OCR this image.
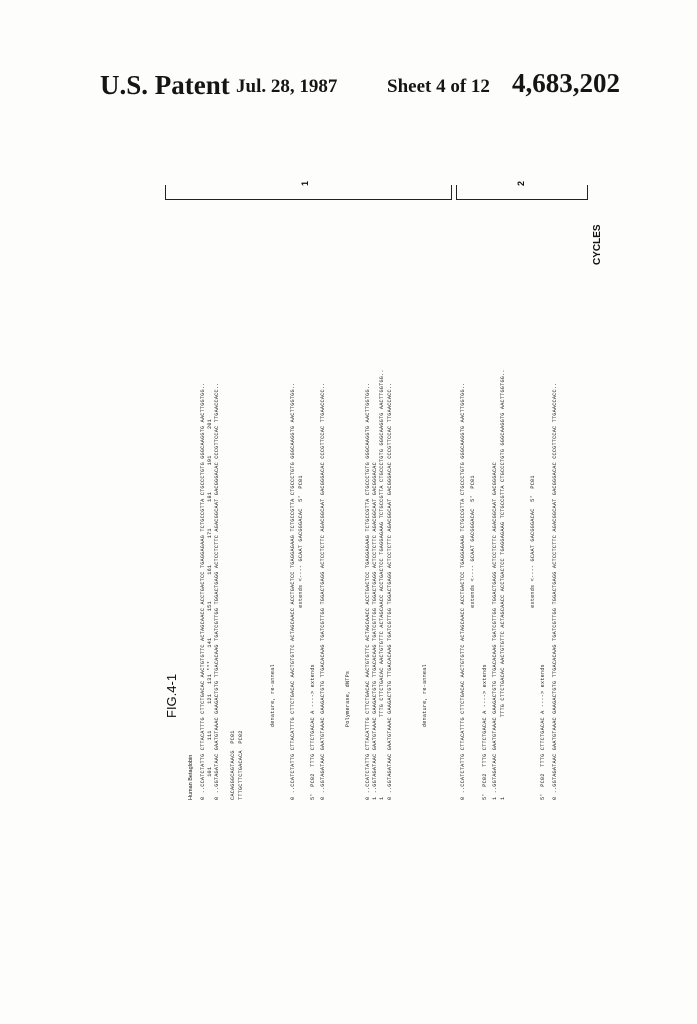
U.S. Patent Jul. 28, 1987	Sheet 4 of 12 4,683,202
FIG.4-1
Human Betaglobin 0 ..CCATCTATTG CTTACATTTG CTTCTGACAC AACTGTGTTC ACTAGCAACC ACCTGACTCC TGAGGAGAAG TCTGCCGTTA CTGCCCTGTG GGGCAAGGTG AACTTGGTGG.. 101        111        121   131 ***    141        151        161        171        181        191        201 0 ..GGTAGATAAC GAATGTAAAC GAAGACTGTG TTGACACAAG TGATCGTTGG TGGACTGAGG ACTCCTCTTC AGACGGCAAT GACGGGACAC CCCGTTCCAC TTGAACCACC.. CACAGGGCAGTAACG  PC01 TTTGCTTCTGACACA  PC02	denature, re-anneal	0 ..CCATCTATTG CTTACATTTG CTTCTGACAC AACTGTGTTC ACTAGCAACC ACCTGACTCC TGAGGAGAAG TCTGCCGTTA CTGCCCTGTG GGGCAAGGTG AACTTGGTGG.. extends <---- GCAAT GACGGGACAC  5'  PC01 5'  PC02  TTTG CTTCTGACAC A ----> extends 0 ..GGTAGATAAC GAATGTAAAC GAAGACTGTG TTGACACAAG TGATCGTTGG TGGACTGAGG ACTCCTCTTC AGACGGCAAT GACGGGACAC CCCGTTCCAC TTGAACCACC..	Polymerase, dNTPs	0 ..CCATCTATTG CTTACATTTG CTTCTGACAC AACTGTGTTC ACTAGCAACC ACCTGACTCC TGAGGAGAAG TCTGCCGTTA CTGCCCTGTG GGGCAAGGTG AACTTGGTGG.. 1 ..GGTAGATAAC GAATGTAAAC GAAGACTGTG TTGACACAAG TGATCGTTGG TGGACTGAGG ACTCCTCTTC AGACGGCAAT GACGGGACAC 1                        TTTG CTTCTGACAC AACTGTGTTC ACTAGCAACC ACCTGACTCC TGAGGAGAAG TCTGCCGTTA CTGCCCTGTG GGGCAAGGTG AACTTGGTGG.. 0 ..GGTAGATAAC GAATGTAAAC GAAGACTGTG TTGACACAAG TGATCGTTGG TGGACTGAGG ACTCCTCTTC AGACGGCAAT GACGGGACAC CCCGTTCCAC TTGAACCACC..	denature, re-anneal	0 ..CCATCTATTG CTTACATTTG CTTCTGACAC AACTGTGTTC ACTAGCAACC ACCTGACTCC TGAGGAGAAG TCTGCCGTTA CTGCCCTGTG GGGCAAGGTG AACTTGGTGG.. extends <---- GCAAT GACGGGACAC  5'  PC01 5'  PC02  TTTG CTTCTGACAC A ----> extends 1 ..GGTAGATAAC GAATGTAAAC GAAGACTGTG TTGACACAAG TGATCGTTGG TGGACTGAGG ACTCCTCTTC AGACGGCAAT GACGGGACAC 1                        TTTG CTTCTGACAC AACTGTGTTC ACTAGCAACC ACCTGACTCC TGAGGAGAAG TCTGCCGTTA CTGCCCTGTG GGGCAAGGTG AACTTGGTGG..	extends <---- GCAAT GACGGGACAC  5'  PC01 5'  PC02  TTTG CTTCTGACAC A ----> extends 0 ..GGTAGATAAC GAATGTAAAC GAAGACTGTG TTGACACAAG TGATCGTTGG TGGACTGAGG ACTCCTCTTC AGACGGCAAT GACGGGACAC CCCGTTCCAC TTGAACCACC..
CYCLES
1	2
